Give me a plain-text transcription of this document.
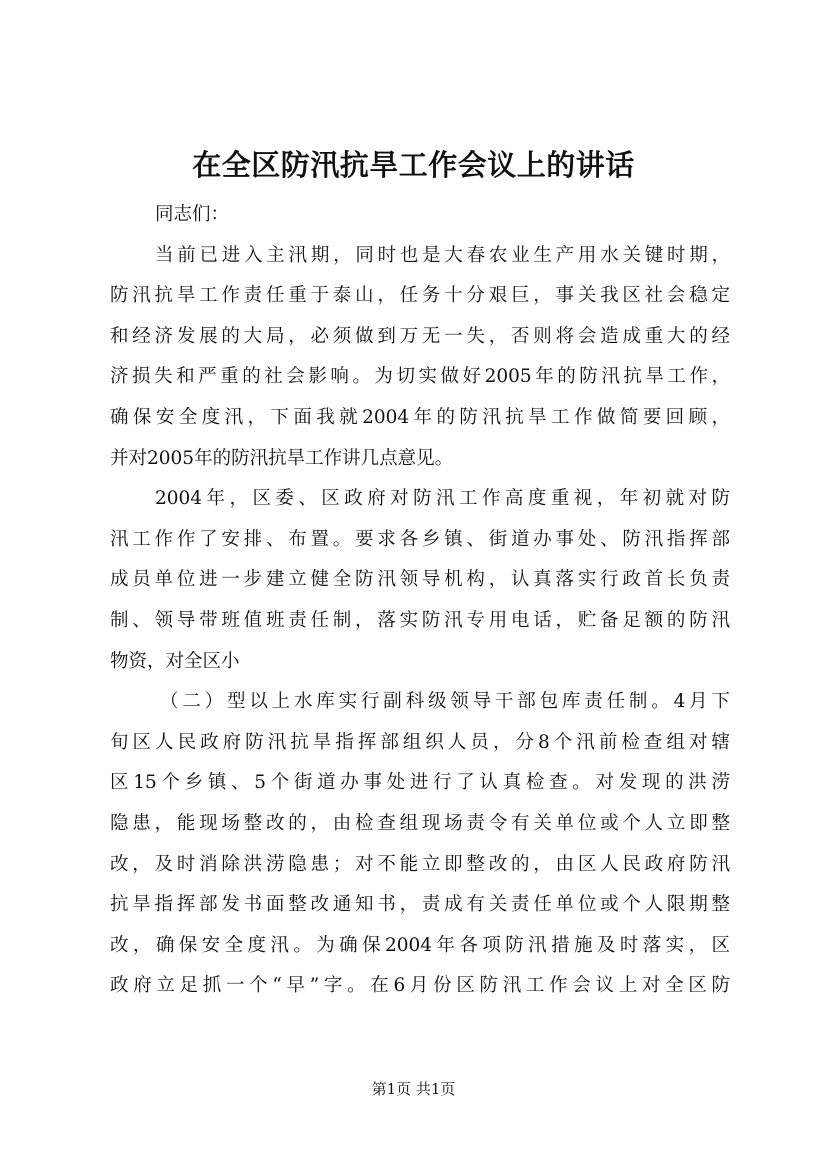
在全区防汛抗旱工作会议上的讲话
同志们：
当前已进入主汛期，同时也是大春农业生产用水关键时期，
防汛抗旱工作责任重于泰山，任务十分艰巨，事关我区社会稳定
和经济发展的大局，必须做到万无一失，否则将会造成重大的经
济损失和严重的社会影响。为切实做好2005年的防汛抗旱工作，
确保安全度汛，下面我就2004年的防汛抗旱工作做简要回顾，
并对2005年的防汛抗旱工作讲几点意见。
2004年，区委、区政府对防汛工作高度重视，年初就对防
汛工作作了安排、布置。要求各乡镇、街道办事处、防汛指挥部
成员单位进一步建立健全防汛领导机构，认真落实行政首长负责
制、领导带班值班责任制，落实防汛专用电话，贮备足额的防汛
物资，对全区小
（二）型以上水库实行副科级领导干部包库责任制。4月下
旬区人民政府防汛抗旱指挥部组织人员，分8个汛前检查组对辖
区15个乡镇、5个街道办事处进行了认真检查。对发现的洪涝
隐患，能现场整改的，由检查组现场责令有关单位或个人立即整
改，及时消除洪涝隐患；对不能立即整改的，由区人民政府防汛
抗旱指挥部发书面整改通知书，责成有关责任单位或个人限期整
改，确保安全度汛。为确保2004年各项防汛措施及时落实，区
政府立足抓一个“早”字。在6月份区防汛工作会议上对全区防
第1页 共1页
